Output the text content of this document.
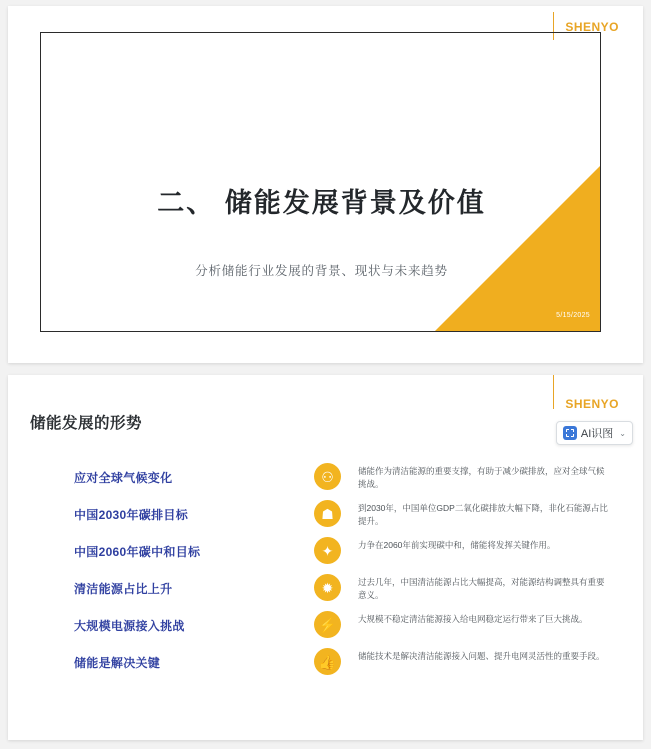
SHENYO
二、 储能发展背景及价值
分析储能行业发展的背景、现状与未来趋势
5/15/2025
SHENYO
储能发展的形势
AI识图 ⌄
应对全球气候变化	⚇	储能作为清洁能源的重要支撑，有助于减少碳排放，应对全球气候挑战。
中国2030年碳排目标	☗	到2030年，中国单位GDP二氧化碳排放大幅下降，非化石能源占比提升。
中国2060年碳中和目标	✦	力争在2060年前实现碳中和，储能将发挥关键作用。
清洁能源占比上升	✹	过去几年，中国清洁能源占比大幅提高，对能源结构调整具有重要意义。
大规模电源接入挑战	⚡	大规模不稳定清洁能源接入给电网稳定运行带来了巨大挑战。
储能是解决关键	👍	储能技术是解决清洁能源接入问题、提升电网灵活性的重要手段。
